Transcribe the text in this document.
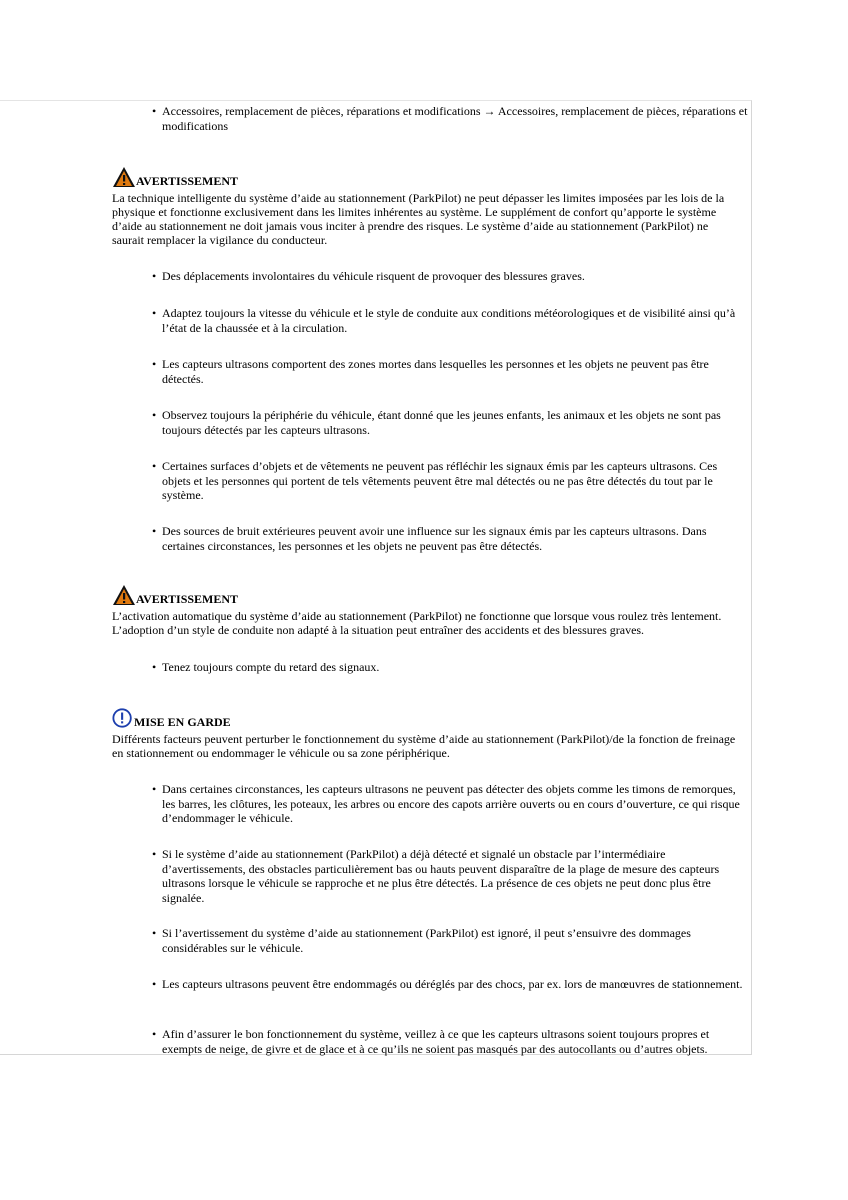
• Accessoires, remplacement de pièces, réparations et modifications → Accessoires, remplacement de pièces, réparations et modifications
AVERTISSEMENT
La technique intelligente du système d’aide au stationnement (ParkPilot) ne peut dépasser les limites imposées par les lois de la physique et fonctionne exclusivement dans les limites inhérentes au système. Le supplément de confort qu’apporte le système d’aide au stationnement ne doit jamais vous inciter à prendre des risques. Le système d’aide au stationnement (ParkPilot) ne saurait remplacer la vigilance du conducteur.
• Des déplacements involontaires du véhicule risquent de provoquer des blessures graves.
• Adaptez toujours la vitesse du véhicule et le style de conduite aux conditions météorologiques et de visibilité ainsi qu’à l’état de la chaussée et à la circulation.
• Les capteurs ultrasons comportent des zones mortes dans lesquelles les personnes et les objets ne peuvent pas être détectés.
• Observez toujours la périphérie du véhicule, étant donné que les jeunes enfants, les animaux et les objets ne sont pas toujours détectés par les capteurs ultrasons.
• Certaines surfaces d’objets et de vêtements ne peuvent pas réfléchir les signaux émis par les capteurs ultrasons. Ces objets et les personnes qui portent de tels vêtements peuvent être mal détectés ou ne pas être détectés du tout par le système.
• Des sources de bruit extérieures peuvent avoir une influence sur les signaux émis par les capteurs ultrasons. Dans certaines circonstances, les personnes et les objets ne peuvent pas être détectés.
AVERTISSEMENT
L’activation automatique du système d’aide au stationnement (ParkPilot) ne fonctionne que lorsque vous roulez très lentement. L’adoption d’un style de conduite non adapté à la situation peut entraîner des accidents et des blessures graves.
• Tenez toujours compte du retard des signaux.
MISE EN GARDE
Différents facteurs peuvent perturber le fonctionnement du système d’aide au stationnement (ParkPilot)/de la fonction de freinage en stationnement ou endommager le véhicule ou sa zone périphérique.
• Dans certaines circonstances, les capteurs ultrasons ne peuvent pas détecter des objets comme les timons de remorques, les barres, les clôtures, les poteaux, les arbres ou encore des capots arrière ouverts ou en cours d’ouverture, ce qui risque d’endommager le véhicule.
• Si le système d’aide au stationnement (ParkPilot) a déjà détecté et signalé un obstacle par l’intermédiaire d’avertissements, des obstacles particulièrement bas ou hauts peuvent disparaître de la plage de mesure des capteurs ultrasons lorsque le véhicule se rapproche et ne plus être détectés. La présence de ces objets ne peut donc plus être signalée.
• Si l’avertissement du système d’aide au stationnement (ParkPilot) est ignoré, il peut s’ensuivre des dommages considérables sur le véhicule.
• Les capteurs ultrasons peuvent être endommagés ou déréglés par des chocs, par ex. lors de manœuvres de stationnement.
• Afin d’assurer le bon fonctionnement du système, veillez à ce que les capteurs ultrasons soient toujours propres et exempts de neige, de givre et de glace et à ce qu’ils ne soient pas masqués par des autocollants ou d’autres objets.
